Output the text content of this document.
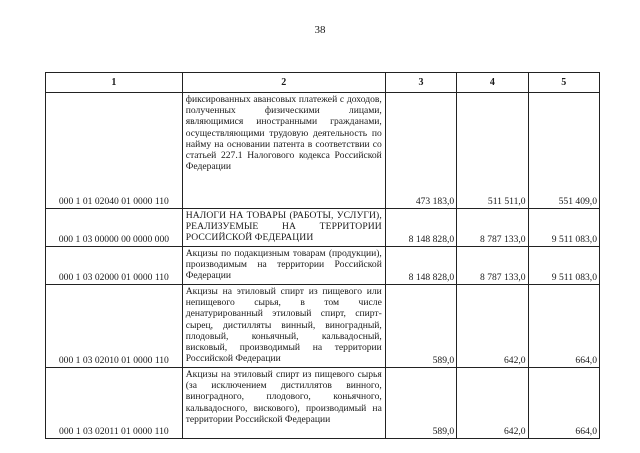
38
1	2	3	4	5
000 1 01 02040 01 0000 110	фиксированных авансовых платежей с доходов, полученных физическими лицами, являющимися иностранными гражданами, осуществляющими трудовую деятельность по найму на основании патента в соответствии со статьей 227.1 Налогового кодекса Российской Федерации	473 183,0	511 511,0	551 409,0
000 1 03 00000 00 0000 000	НАЛОГИ НА ТОВАРЫ (РАБОТЫ, УСЛУГИ), РЕАЛИЗУЕМЫЕ НА ТЕРРИТОРИИ РОССИЙСКОЙ ФЕДЕРАЦИИ	8 148 828,0	8 787 133,0	9 511 083,0
000 1 03 02000 01 0000 110	Акцизы по подакцизным товарам (продукции), производимым на территории Российской Федерации	8 148 828,0	8 787 133,0	9 511 083,0
000 1 03 02010 01 0000 110	Акцизы на этиловый спирт из пищевого или непищевого сырья, в том числе денатурированный этиловый спирт, спирт-сырец, дистилляты винный, виноградный, плодовый, коньячный, кальвадосный, висковый, производимый на территории Российской Федерации	589,0	642,0	664,0
000 1 03 02011 01 0000 110	Акцизы на этиловый спирт из пищевого сырья (за исключением дистиллятов винного, виноградного, плодового, коньячного, кальвадосного, вискового), производимый на территории Российской Федерации	589,0	642,0	664,0
